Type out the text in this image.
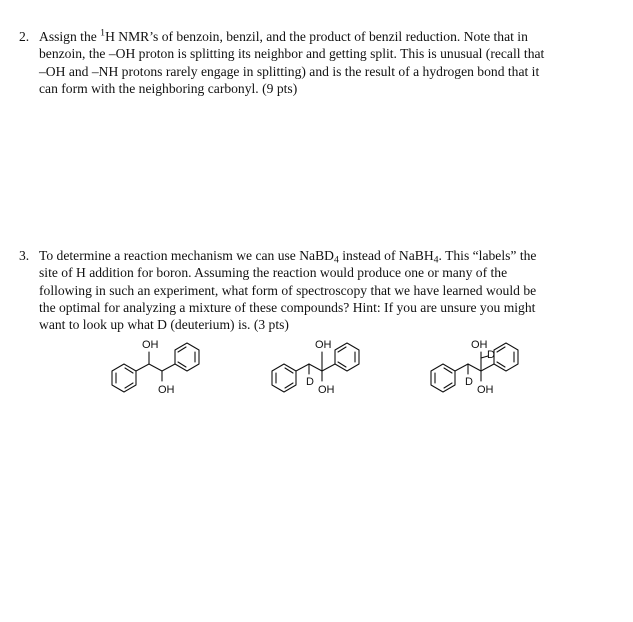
2. Assign the $^1$H NMR’s of benzoin, benzil, and the product of benzil reduction. Note that in
benzoin, the –OH proton is splitting its neighbor and getting split. This is unusual (recall that
–OH and –NH protons rarely engage in splitting) and is the result of a hydrogen bond that it
can form with the neighboring carbonyl. (9 pts)
3. To determine a reaction mechanism we can use NaBD$_4$ instead of NaBH$_4$. This “labels” the
site of H addition for boron. Assuming the reaction would produce one or many of the
following in such an experiment, what form of spectroscopy that we have learned would be
the optimal for analyzing a mixture of these compounds? Hint: If you are unsure you might
want to look up what D (deuterium) is. (3 pts)
OH
OH
D
OH
OH
D
OH
D
OH
